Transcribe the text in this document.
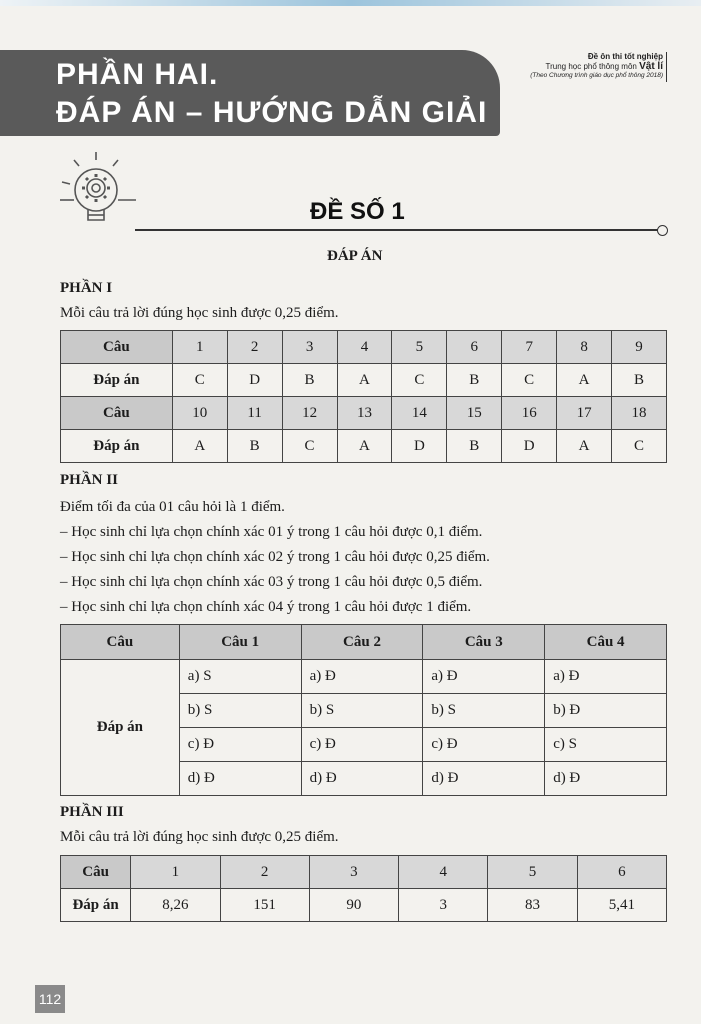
PHẦN HAI.
ĐÁP ÁN – HƯỚNG DẪN GIẢI
Đề ôn thi tốt nghiệp
Trung học phổ thông môn Vật lí
(Theo Chương trình giáo dục phổ thông 2018)
ĐỀ SỐ 1
ĐÁP ÁN
PHẦN I
Mỗi câu trả lời đúng học sinh được 0,25 điểm.
Câu	1	2	3	4	5	6	7	8	9
Đáp án	C	D	B	A	C	B	C	A	B
Câu	10	11	12	13	14	15	16	17	18
Đáp án	A	B	C	A	D	B	D	A	C
PHẦN II
Điểm tối đa của 01 câu hỏi là 1 điểm.
– Học sinh chỉ lựa chọn chính xác 01 ý trong 1 câu hỏi được 0,1 điểm.
– Học sinh chỉ lựa chọn chính xác 02 ý trong 1 câu hỏi được 0,25 điểm.
– Học sinh chỉ lựa chọn chính xác 03 ý trong 1 câu hỏi được 0,5 điểm.
– Học sinh chỉ lựa chọn chính xác 04 ý trong 1 câu hỏi được 1 điểm.
Câu	Câu 1	Câu 2	Câu 3	Câu 4
Đáp án	a) S	a) Đ	a) Đ	a) Đ
	b) S	b) S	b) S	b) Đ
	c) Đ	c) Đ	c) Đ	c) S
	d) Đ	d) Đ	d) Đ	d) Đ
PHẦN III
Mỗi câu trả lời đúng học sinh được 0,25 điểm.
Câu	1	2	3	4	5	6
Đáp án	8,26	151	90	3	83	5,41
112
